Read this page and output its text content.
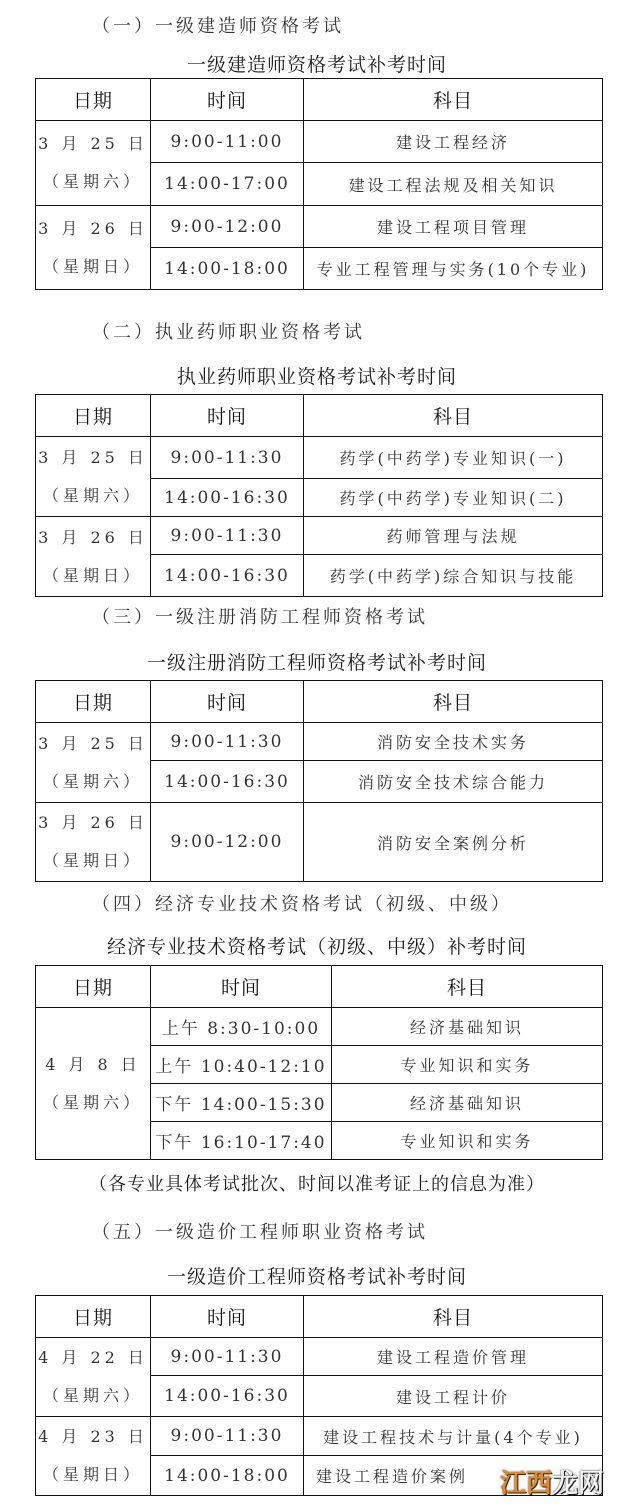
（一）一级建造师资格考试
一级建造师资格考试补考时间
日期	时间	科目

3 月 25 日
（星期六）	9:00-11:00	建设工程经济
	14:00-17:00	建设工程法规及相关知识

3 月 26 日
（星期日）	9:00-12:00	建设工程项目管理
	14:00-18:00	专业工程管理与实务(10个专业)
（二）执业药师职业资格考试
执业药师职业资格考试补考时间
日期	时间	科目

3 月 25 日
（星期六）	9:00-11:30	药学(中药学)专业知识(一)
	14:00-16:30	药学(中药学)专业知识(二)

3 月 26 日
（星期日）	9:00-11:30	药师管理与法规
	14:00-16:30	药学(中药学)综合知识与技能
（三）一级注册消防工程师资格考试
一级注册消防工程师资格考试补考时间
日期	时间	科目

3 月 25 日
（星期六）	9:00-11:30	消防安全技术实务
	14:00-16:30	消防安全技术综合能力

3 月 26 日
（星期日）	9:00-12:00	消防安全案例分析
（四）经济专业技术资格考试（初级、中级）
经济专业技术资格考试（初级、中级）补考时间
日期	时间	科目

4 月 8 日
（星期六）	上午 8:30-10:00	经济基础知识
	上午 10:40-12:10	专业知识和实务
	下午 14:00-15:30	经济基础知识
	下午 16:10-17:40	专业知识和实务
（各专业具体考试批次、时间以准考证上的信息为准）
（五）一级造价工程师职业资格考试
一级造价工程师资格考试补考时间
日期	时间	科目

4 月 22 日
（星期六）	9:00-11:30	建设工程造价管理
	14:00-16:30	建设工程计价

4 月 23 日
（星期日）	9:00-11:30	建设工程技术与计量(4个专业)
	14:00-18:00	建设工程造价案例 江西龙网
